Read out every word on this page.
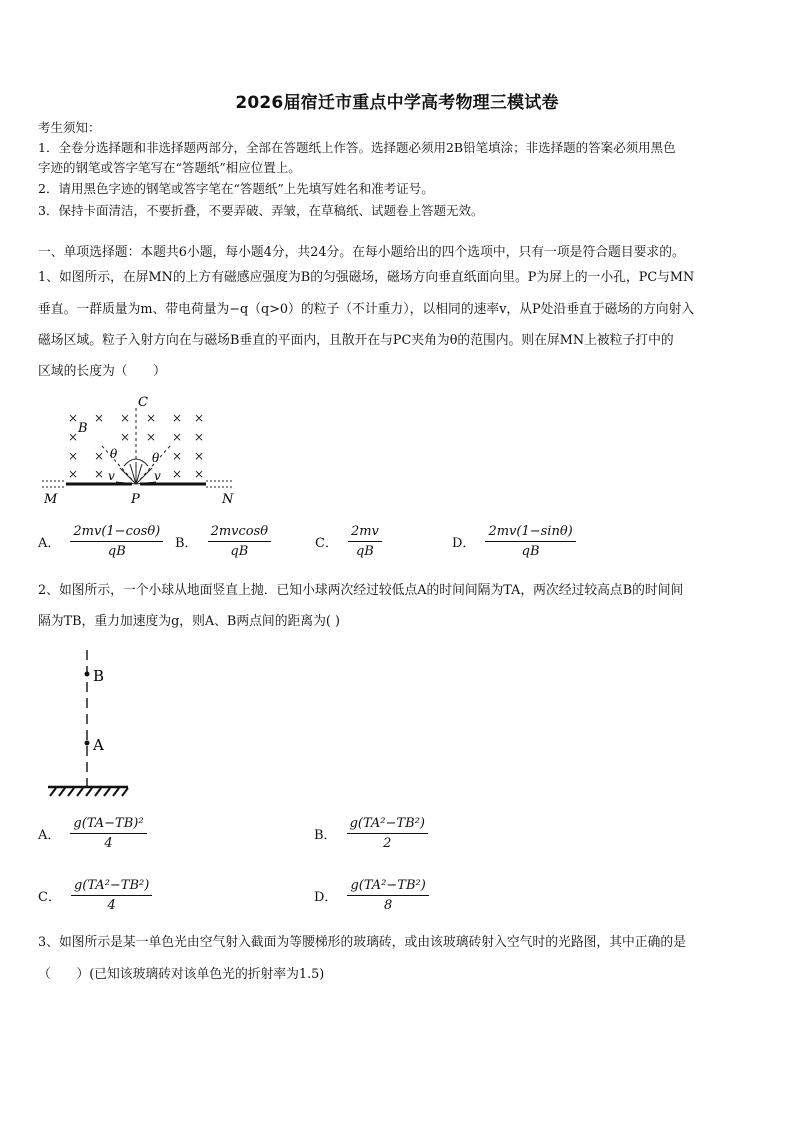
2026届宿迁市重点中学高考物理三模试卷
考生须知：
1．全卷分选择题和非选择题两部分，全部在答题纸上作答。选择题必须用2B铅笔填涂；非选择题的答案必须用黑色
字迹的钢笔或答字笔写在“答题纸”相应位置上。
2．请用黑色字迹的钢笔或答字笔在“答题纸”上先填写姓名和准考证号。
3．保持卡面清洁，不要折叠，不要弄破、弄皱，在草稿纸、试题卷上答题无效。
一、单项选择题：本题共6小题，每小题4分，共24分。在每小题给出的四个选项中，只有一项是符合题目要求的。
1、如图所示，在屏MN的上方有磁感应强度为B的匀强磁场，磁场方向垂直纸面向里。P为屏上的一小孔，PC与MN
垂直。一群质量为m、带电荷量为−q（q>0）的粒子（不计重力），以相同的速率v，从P处沿垂直于磁场的方向射入
磁场区域。粒子入射方向在与磁场B垂直的平面内，且散开在与PC夹角为θ的范围内。则在屏MN上被粒子打中的
区域的长度为（　　）
× × × × × ×
×	× × × ×
× ×	× ×
× ×	× ×
C
B
θ	θ
v	v
M	P	N
A． $\frac{2mv(1-\cos\theta)}{qB}$ B． $\frac{2mvcos\theta}{qB}$	C． $\frac{2mv}{qB}$	D． $\frac{2mv(1-\sin\theta)}{qB}$
2、如图所示，一个小球从地面竖直上抛．已知小球两次经过较低点A的时间间隔为TA，两次经过较高点B的时间间
隔为TB，重力加速度为g，则A、B两点间的距离为( )
B
A
A． $\frac{\text{g(TA−TB)²}}{4}$	B． $\frac{\text{g(TA²−TB²)}}{2}$
C． $\frac{\text{g(TA²−TB²)}}{4}$	D． $\frac{\text{g(TA²−TB²)}}{8}$
3、如图所示是某一单色光由空气射入截面为等腰梯形的玻璃砖，或由该玻璃砖射入空气时的光路图，其中正确的是
（　　）(已知该玻璃砖对该单色光的折射率为1.5)
